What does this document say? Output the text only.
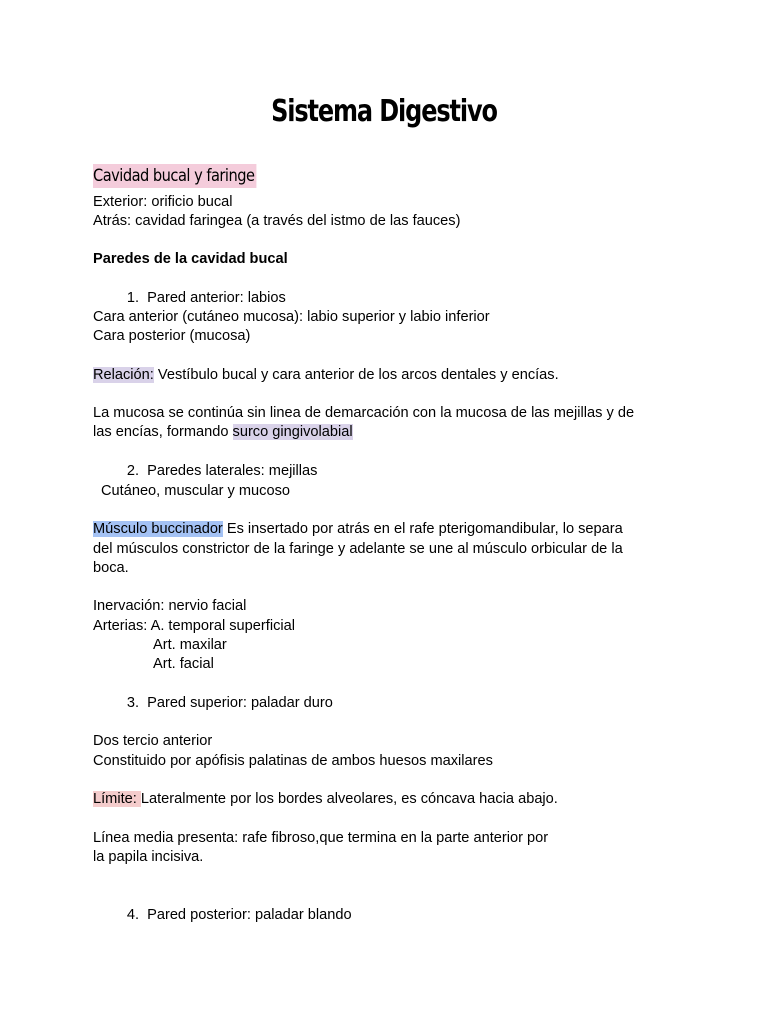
Sistema Digestivo
Cavidad bucal y faringe
Exterior: orificio bucal
Atrás: cavidad faringea (a través del istmo de las fauces)
Paredes de la cavidad bucal
1. Pared anterior: labios
Cara anterior (cutáneo mucosa): labio superior y labio inferior
Cara posterior (mucosa)
Relación: Vestíbulo bucal y cara anterior de los arcos dentales y encías.
La mucosa se continúa sin linea de demarcación con la mucosa de las mejillas y de
las encías, formando surco gingivolabial
2. Paredes laterales: mejillas
Cutáneo, muscular y mucoso
Músculo buccinador Es insertado por atrás en el rafe pterigomandibular, lo separa
del músculos constrictor de la faringe y adelante se une al músculo orbicular de la
boca.
Inervación: nervio facial
Arterias: A. temporal superficial
Art. maxilar
Art. facial
3. Pared superior: paladar duro
Dos tercio anterior
Constituido por apófisis palatinas de ambos huesos maxilares
Límite: Lateralmente por los bordes alveolares, es cóncava hacia abajo.
Línea media presenta: rafe fibroso,que termina en la parte anterior por
la papila incisiva.
4. Pared posterior: paladar blando
